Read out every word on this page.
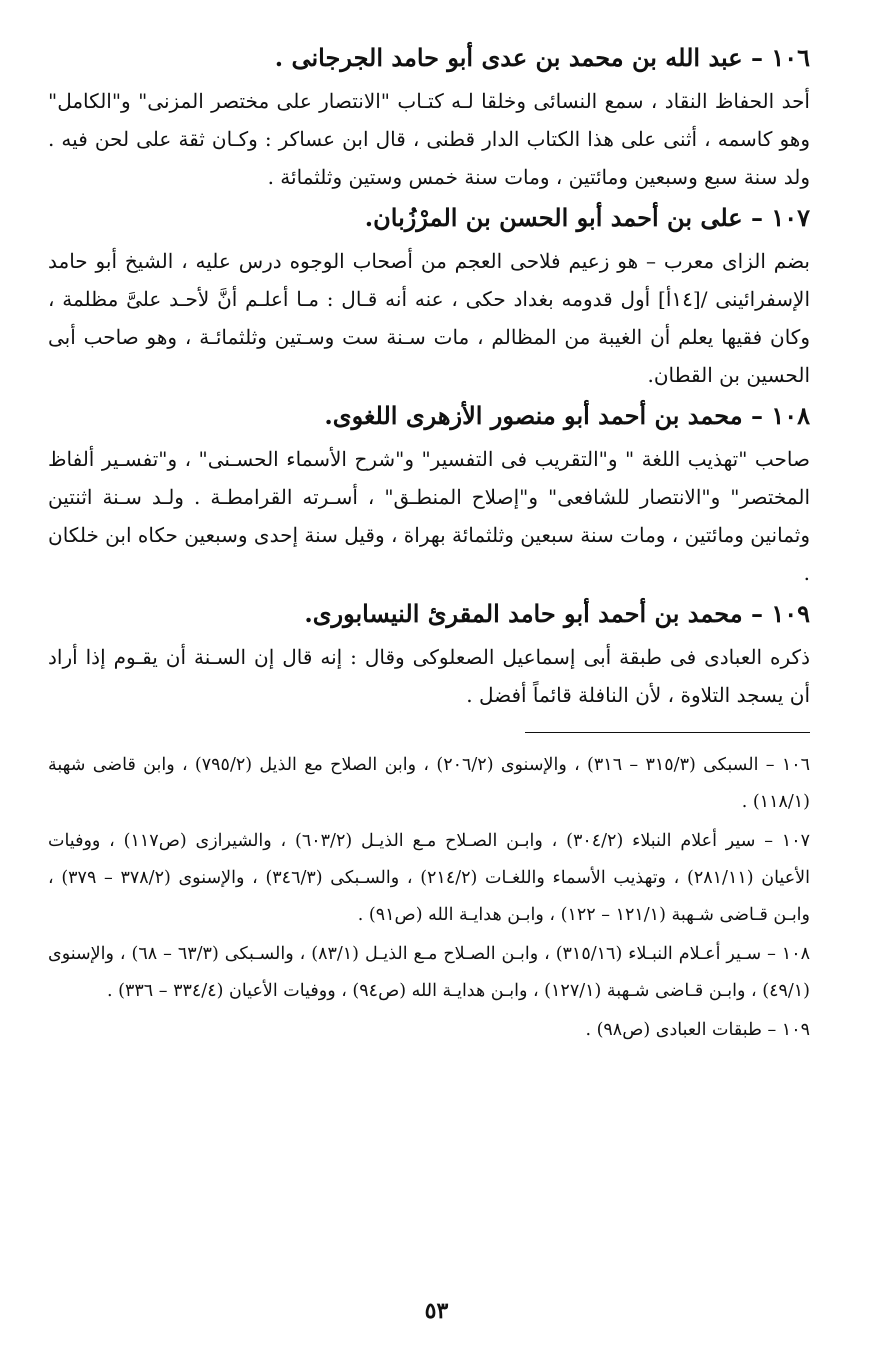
١٠٦ – عبد الله بن محمد بن عدى أبو حامد الجرجانى .

أحد الحفاظ النقاد ، سمع النسائى وخلقا لـه كتـاب "الانتصار على مختصر المزنى" و"الكامل" وهو كاسمه ، أثنى على هذا الكتاب الدار قطنى ، قال ابن عساكر : وكـان ثقة على لحن فيه . ولد سنة سبع وسبعين ومائتين ، ومات سنة خمس وستين وثلثمائة .

١٠٧ – على بن أحمد أبو الحسن بن المرْزُبان.

بضم الزاى معرب – هو زعيم فلاحى العجم من أصحاب الوجوه درس عليه ، الشيخ أبو حامد الإسفرائينى /[١٤أ] أول قدومه بغداد حكى ، عنه أنه قـال : مـا أعلـم أنَّ لأحـد علىَّ مظلمة ، وكان فقيها يعلم أن الغيبة من المظالم ، مات سـنة ست وسـتين وثلثمائـة ، وهو صاحب أبى الحسين بن القطان.

١٠٨ – محمد بن أحمد أبو منصور الأزهرى اللغوى.

صاحب "تهذيب اللغة " و"التقريب فى التفسير" و"شرح الأسماء الحسـنى" ، و"تفسـير ألفاظ المختصر" و"الانتصار للشافعى" و"إصلاح المنطـق" ، أسـرته القرامطـة . ولـد سـنة اثنتين وثمانين ومائتين ، ومات سنة سبعين وثلثمائة بهراة ، وقيل سنة إحدى وسبعين حكاه ابن خلكان .

١٠٩ – محمد بن أحمد أبو حامد المقرئ النيسابورى.

ذكره العبادى فى طبقة أبى إسماعيل الصعلوكى وقال : إنه قال إن السـنة أن يقـوم إذا أراد أن يسجد التلاوة ، لأن النافلة قائماً أفضل .

١٠٦ – السبكى (٣١٥/٣ – ٣١٦) ، والإسنوى (٢٠٦/٢) ، وابن الصلاح مع الذيل (٧٩٥/٢) ، وابن قاضى شهبة (١١٨/١) .

١٠٧ – سير أعلام النبلاء (٣٠٤/٢) ، وابـن الصـلاح مـع الذيـل (٦٠٣/٢) ، والشيرازى (ص١١٧) ، ووفيات الأعيان (٢٨١/١١) ، وتهذيب الأسماء واللغـات (٢١٤/٢) ، والسـبكى (٣٤٦/٣) ، والإسنوى (٣٧٨/٢ – ٣٧٩) ، وابـن قـاضى شـهبة (١٢١/١ – ١٢٢) ، وابـن هدايـة الله (ص٩١) .

١٠٨ – سـير أعـلام النبـلاء (٣١٥/١٦) ، وابـن الصـلاح مـع الذيـل (٨٣/١) ، والسـبكى (٦٣/٣ – ٦٨) ، والإسنوى (٤٩/١) ، وابـن قـاضى شـهبة (١٢٧/١) ، وابـن هدايـة الله (ص٩٤) ، ووفيات الأعيان (٣٣٤/٤ – ٣٣٦) .

١٠٩ – طبقات العبادى (ص٩٨) .

٥٣
